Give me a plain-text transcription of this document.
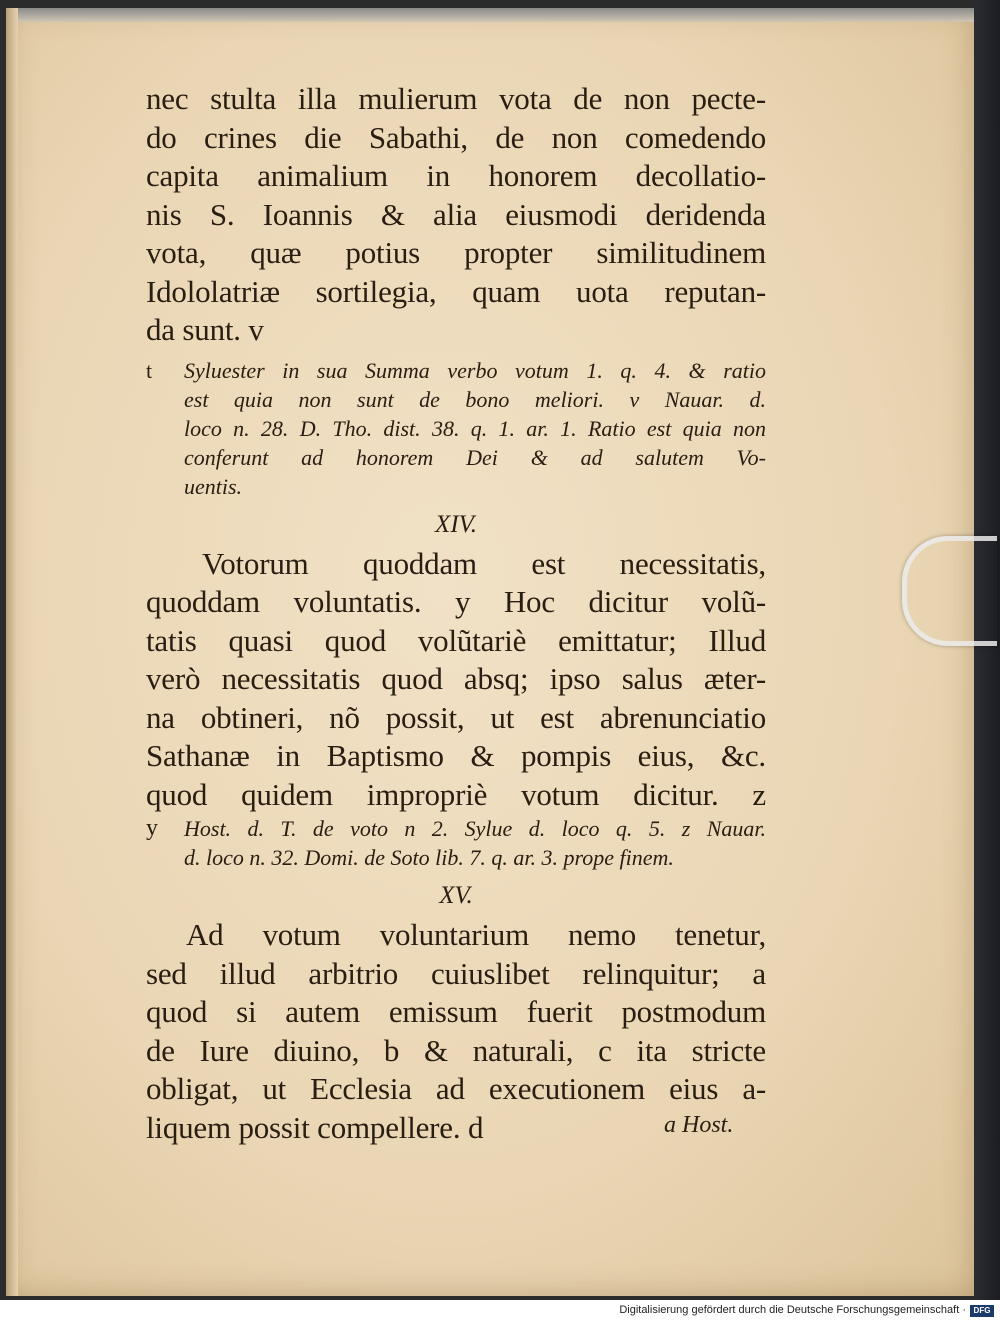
nec stulta illa mulierum vota de non pecte-
do crines die Sabathi, de non comedendo
capita animalium in honorem decollatio-
nis S. Ioannis & alia eiusmodi deridenda
vota, quæ potius propter similitudinem
Idololatriæ sortilegia, quam uota reputan-
da sunt. v
t	Syluester in sua Summa verbo votum 1. q. 4. & ratio
est quia non sunt de bono meliori. v Nauar. d.
loco n. 28. D. Tho. dist. 38. q. 1. ar. 1. Ratio est quia non
conferunt ad honorem Dei & ad salutem Vo-
uentis.
XIV.
Votorum quoddam est necessitatis,
quoddam voluntatis. y Hoc dicitur volũ-
tatis quasi quod volũtariè emittatur; Illud
verò necessitatis quod absq; ipso salus æter-
na obtineri, nõ possit, ut est abrenunciatio
Sathanæ in Baptismo & pompis eius, &c.
quod quidem impropriè votum dicitur. z
y	Host. d. T. de voto n 2. Sylue d. loco q. 5. z Nauar.
d. loco n. 32. Domi. de Soto lib. 7. q. ar. 3. prope finem.
XV.
Ad votum voluntarium nemo tenetur,
sed illud arbitrio cuiuslibet relinquitur; a
quod si autem emissum fuerit postmodum
de Iure diuino, b & naturali, c ita stricte
obligat, ut Ecclesia ad executionem eius a-
liquem possit compellere. d	a Host.
Digitalisierung gefördert durch die Deutsche Forschungsgemeinschaft · DFG
